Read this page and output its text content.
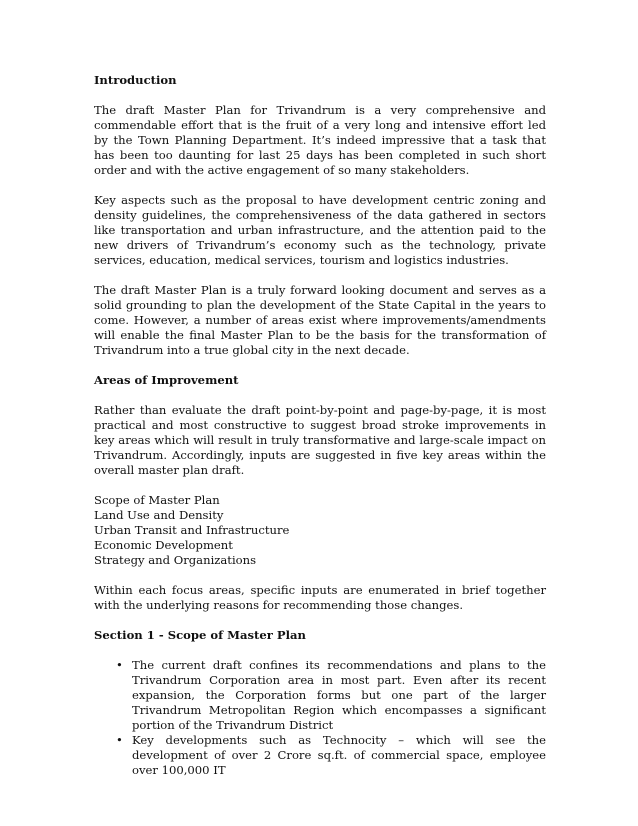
Introduction

The draft Master Plan for Trivandrum is a very comprehensive and commendable effort that is the fruit of a very long and intensive effort led by the Town Planning Department. It’s indeed impressive that a task that has been too daunting for last 25 days has been completed in such short order and with the active engagement of so many stakeholders.

Key aspects such as the proposal to have development centric zoning and density guidelines, the comprehensiveness of the data gathered in sectors like transportation and urban infrastructure, and the attention paid to the new drivers of Trivandrum’s economy such as the technology, private services, education, medical services, tourism and logistics industries.

The draft Master Plan is a truly forward looking document and serves as a solid grounding to plan the development of the State Capital in the years to come. However, a number of areas exist where improvements/amendments will enable the final Master Plan to be the basis for the transformation of Trivandrum into a true global city in the next decade.

Areas of Improvement

Rather than evaluate the draft point-by-point and page-by-page, it is most practical and most constructive to suggest broad stroke improvements in key areas which will result in truly transformative and large-scale impact on Trivandrum. Accordingly, inputs are suggested in five key areas within the overall master plan draft.

Scope of Master Plan
Land Use and Density
Urban Transit and Infrastructure
Economic Development
Strategy and Organizations

Within each focus areas, specific inputs are enumerated in brief together with the underlying reasons for recommending those changes.

Section 1 - Scope of Master Plan
• The current draft confines its recommendations and plans to the Trivandrum Corporation area in most part. Even after its recent expansion, the Corporation forms but one part of the larger Trivandrum Metropolitan Region which encompasses a significant portion of the Trivandrum District
• Key developments such as Technocity – which will see the development of over 2 Crore sq.ft. of commercial space, employee over 100,000 IT
